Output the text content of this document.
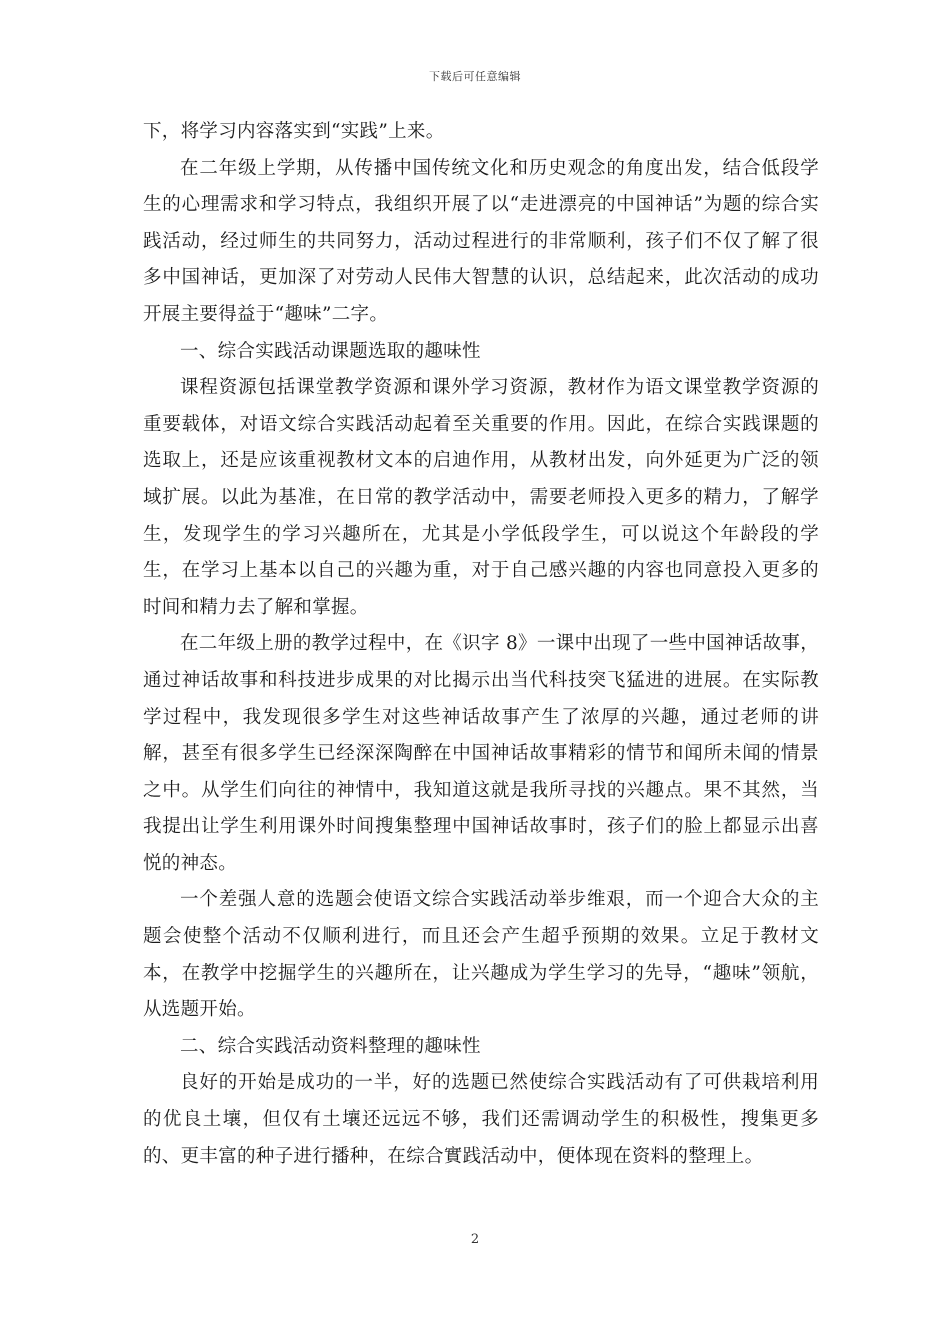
下载后可任意编辑

下，将学习内容落实到“实践”上来。

在二年级上学期，从传播中国传统文化和历史观念的角度出发，结合低段学生的心理需求和学习特点，我组织开展了以“走进漂亮的中国神话”为题的综合实践活动，经过师生的共同努力，活动过程进行的非常顺利，孩子们不仅了解了很多中国神话，更加深了对劳动人民伟大智慧的认识，总结起来，此次活动的成功开展主要得益于“趣味”二字。

一、综合实践活动课题选取的趣味性

课程资源包括课堂教学资源和课外学习资源，教材作为语文课堂教学资源的重要载体，对语文综合实践活动起着至关重要的作用。因此，在综合实践课题的选取上，还是应该重视教材文本的启迪作用，从教材出发，向外延更为广泛的领域扩展。以此为基准，在日常的教学活动中，需要老师投入更多的精力，了解学生，发现学生的学习兴趣所在，尤其是小学低段学生，可以说这个年龄段的学生，在学习上基本以自己的兴趣为重，对于自己感兴趣的内容也同意投入更多的时间和精力去了解和掌握。

在二年级上册的教学过程中，在《识字 8》一课中出现了一些中国神话故事，通过神话故事和科技进步成果的对比揭示出当代科技突飞猛进的进展。在实际教学过程中，我发现很多学生对这些神话故事产生了浓厚的兴趣，通过老师的讲解，甚至有很多学生已经深深陶醉在中国神话故事精彩的情节和闻所未闻的情景之中。从学生们向往的神情中，我知道这就是我所寻找的兴趣点。果不其然，当我提出让学生利用课外时间搜集整理中国神话故事时，孩子们的脸上都显示出喜悦的神态。

一个差强人意的选题会使语文综合实践活动举步维艰，而一个迎合大众的主题会使整个活动不仅顺利进行，而且还会产生超乎预期的效果。立足于教材文本，在教学中挖掘学生的兴趣所在，让兴趣成为学生学习的先导，“趣味”领航，从选题开始。

二、综合实践活动资料整理的趣味性

良好的开始是成功的一半，好的选题已然使综合实践活动有了可供栽培利用的优良土壤，但仅有土壤还远远不够，我们还需调动学生的积极性，搜集更多的、更丰富的种子进行播种，在综合實践活动中，便体现在资料的整理上。

2
